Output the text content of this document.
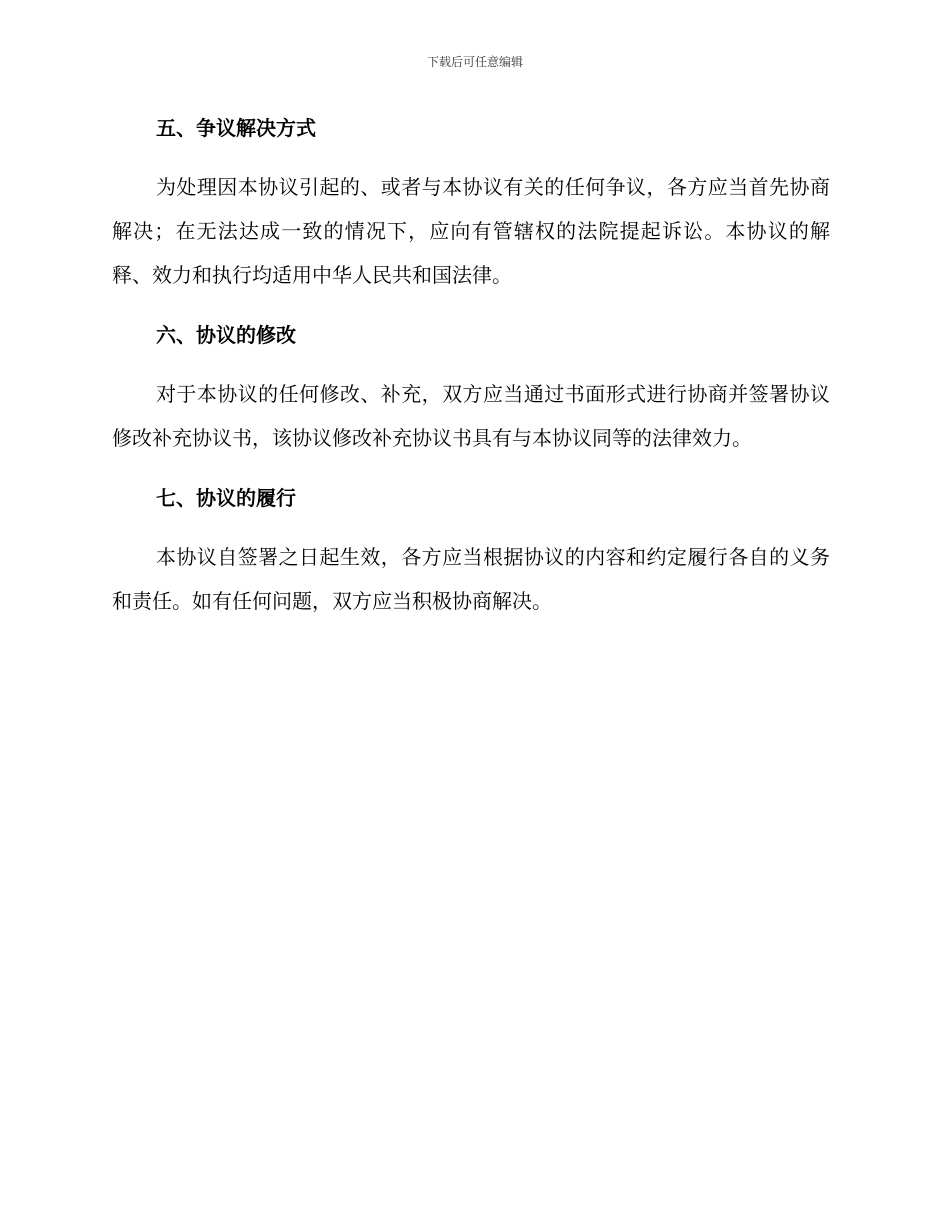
下载后可任意编辑
五、争议解决方式

为处理因本协议引起的、或者与本协议有关的任何争议，各方应当首先协商解决；在无法达成一致的情况下，应向有管辖权的法院提起诉讼。本协议的解释、效力和执行均适用中华人民共和国法律。

六、协议的修改

对于本协议的任何修改、补充，双方应当通过书面形式进行协商并签署协议修改补充协议书，该协议修改补充协议书具有与本协议同等的法律效力。

七、协议的履行

本协议自签署之日起生效，各方应当根据协议的内容和约定履行各自的义务和责任。如有任何问题，双方应当积极协商解决。
